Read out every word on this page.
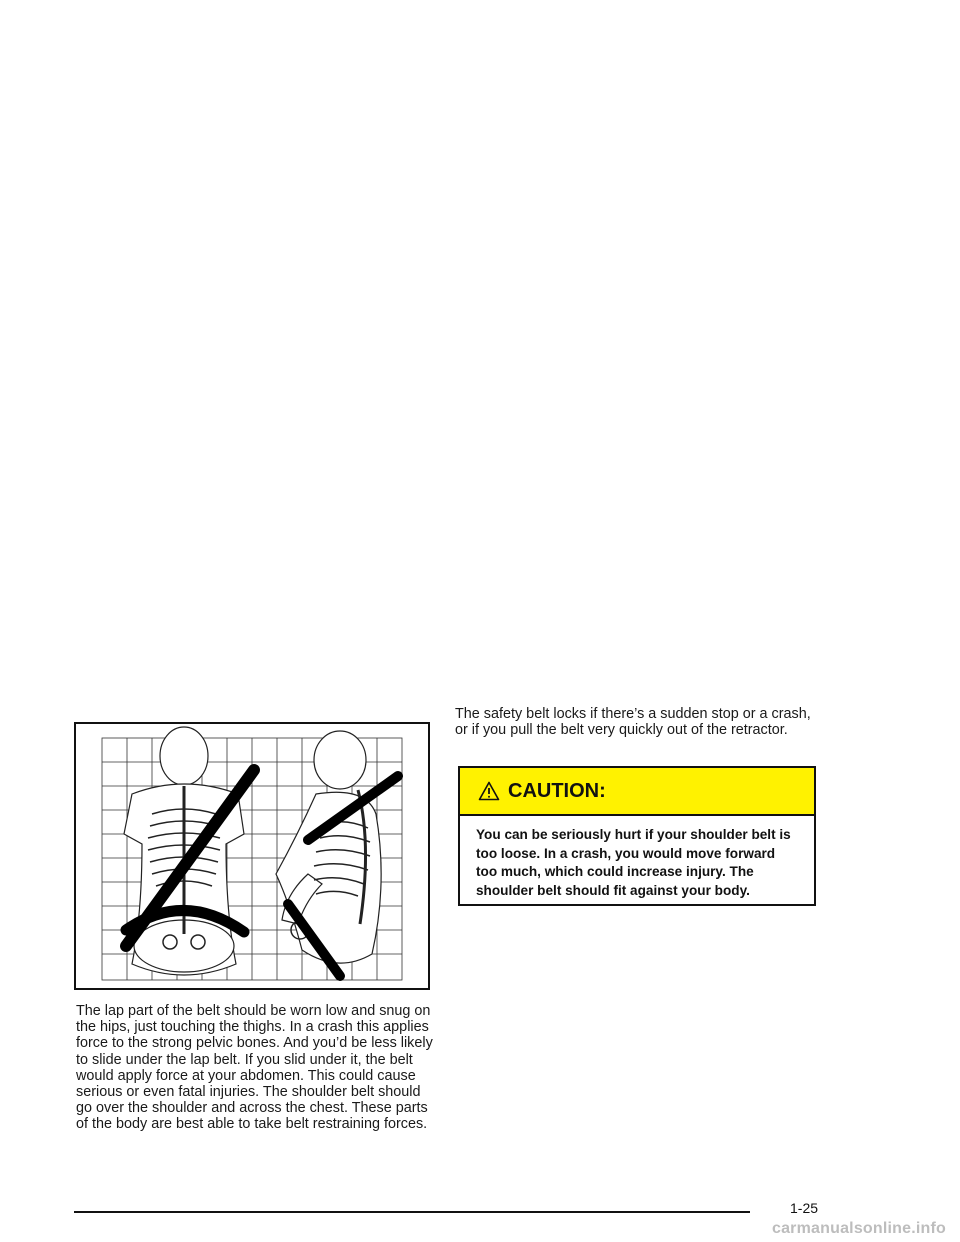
The lap part of the belt should be worn low and snug on the hips, just touching the thighs. In a crash this applies force to the strong pelvic bones. And you’d be less likely to slide under the lap belt. If you slid under it, the belt would apply force at your abdomen. This could cause serious or even fatal injuries. The shoulder belt should go over the shoulder and across the chest. These parts of the body are best able to take belt restraining forces.

The safety belt locks if there’s a sudden stop or a crash, or if you pull the belt very quickly out of the retractor.

CAUTION:

You can be seriously hurt if your shoulder belt is too loose. In a crash, you would move forward too much, which could increase injury. The shoulder belt should fit against your body.

1-25
carmanualsonline.info
